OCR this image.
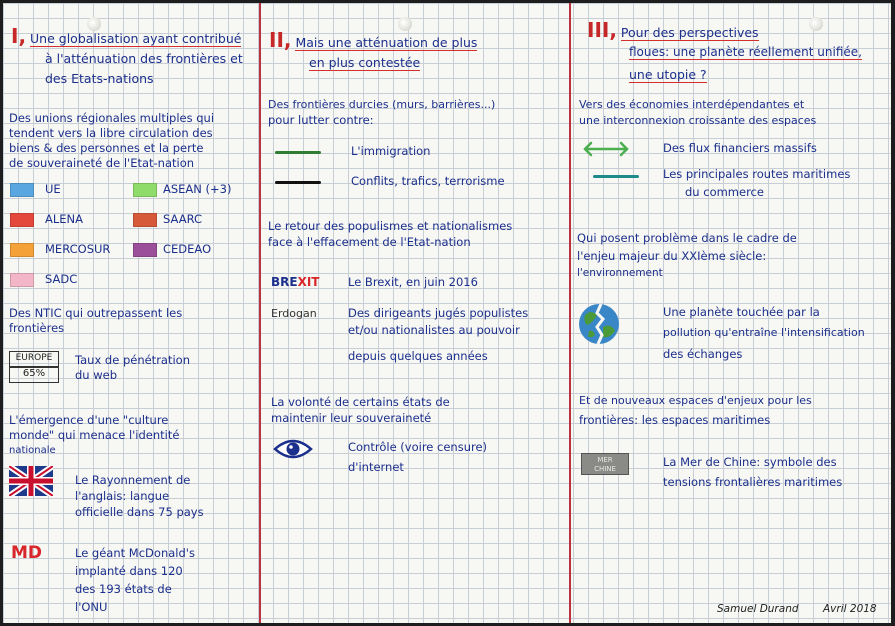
I, Une globalisation ayant contribué
à l'atténuation des frontières et
des Etats-nations
Des unions régionales multiples qui
tendent vers la libre circulation des
biens & des personnes et la perte
de souveraineté de l'Etat-nation
UE	ASEAN (+3)
ALENA	SAARC
MERCOSUR	CEDEAO
SADC
Des NTIC qui outrepassent les
frontières
EUROPE
65%
Taux de pénétration
du web
L'émergence d'une "culture
monde" qui menace l'identité
nationale
Le Rayonnement de
l'anglais: langue
officielle dans 75 pays
MD	Le géant McDonald's
implanté dans 120
des 193 états de
l'ONU
II, Mais une atténuation de plus
en plus contestée
Des frontières durcies (murs, barrières...)
pour lutter contre:
L'immigration
Conflits, trafics, terrorisme
Le retour des populismes et nationalismes
face à l'effacement de l'Etat-nation
BREXIT Le Brexit, en juin 2016
Erdogan	Des dirigeants jugés populistes
et/ou nationalistes au pouvoir
depuis quelques années
La volonté de certains états de
maintenir leur souveraineté
Contrôle (voire censure)
d'internet
III, Pour des perspectives
floues: une planète réellement unifiée,
une utopie ?
Vers des économies interdépendantes et
une interconnexion croissante des espaces
Des flux financiers massifs
Les principales routes maritimes
du commerce
Qui posent problème dans le cadre de
l'enjeu majeur du XXIème siècle:
l'environnement
Une planète touchée par la
pollution qu'entraîne l'intensification
des échanges
Et de nouveaux espaces d'enjeux pour les
frontières: les espaces maritimes
MER
CHINE	La Mer de Chine: symbole des
tensions frontalières maritimes
Samuel Durand Avril 2018
